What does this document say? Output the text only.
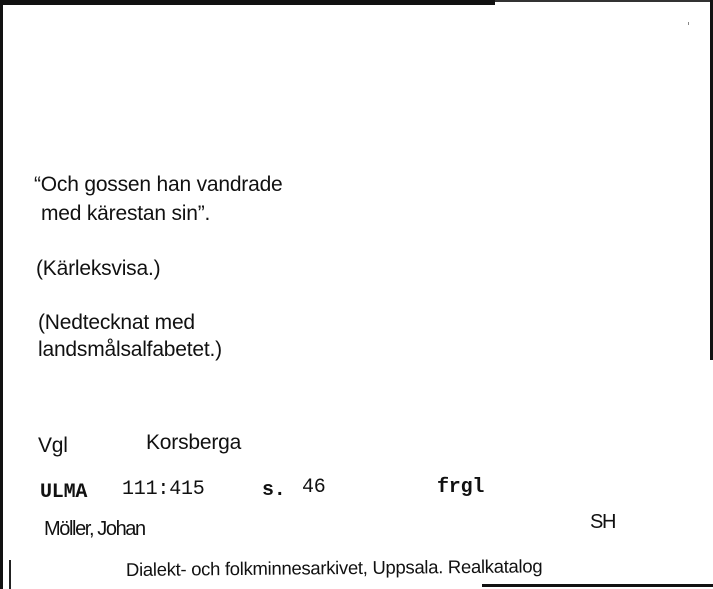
“Och gossen han vandrade
med kärestan sin”.
(Kärleksvisa.)
(Nedtecknat med
landsmålsalfabetet.)
Vgl	Korsberga
ULMA 111:415	s. 46	frgl
Möller, Johan	SH
Dialekt- och folkminnesarkivet, Uppsala. Realkatalog
